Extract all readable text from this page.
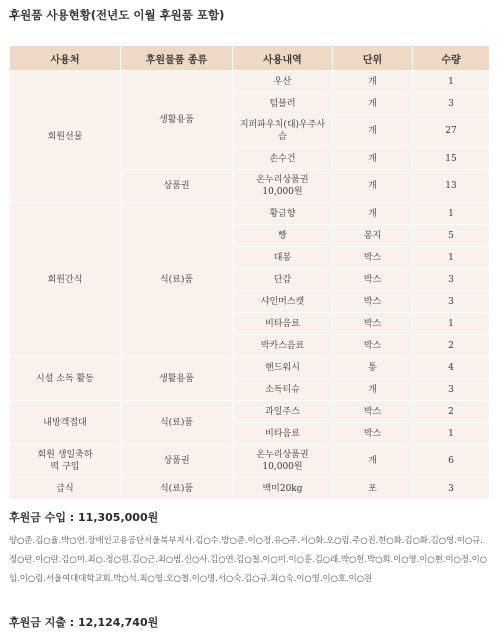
후원품 사용현황(전년도 이월 후원품 포함)
사용처	후원물품 종류	사용내역	단위	수량
회원선물	생활용품	우산	개	1
		텀블러	개	3
		지퍼파우치(대)우주사슴	개	27
		손수건	개	15
	상품권	온누리상품권 10,000원	개	13
회원간식	식(료)품	황금향	개	1
		빵	봉지	5
		대봉	박스	1
		단감	박스	3
		샤인머스캣	박스	3
		비타음료	박스	1
		박카스음료	박스	2
시설 소독 활동	생활용품	핸드워시	통	4
		소독티슈	개	3
내방객접대	식(료)품	과일주스	박스	2
		비타음료	박스	1
회원 생일축하 떡 구입	상품권	온누리상품권 10,000원	개	6
급식	식(료)품	백미20kg	포	3
후원금 수입 : 11,305,000원
양○준.김○율.박○연.장애인고용공단서울북부지사.김○수.방○준.이○정.유○주.서○화.오○림.주○진.한○화.김○화.김○영.이○규.정○란.이○란.김○미.최○.정○원.김○근.최○범.신○사.김○연.김○철.이○미.이○훈.김○래.박○헌.박○희.이○영.이○현.이○정.이○임.이○림.서울여대대학교회.박○석.최○영.오○철.이○명.서○숙.김○규.최○숙.이○영.이○호.이○원
후원금 지출 : 12,124,740원
